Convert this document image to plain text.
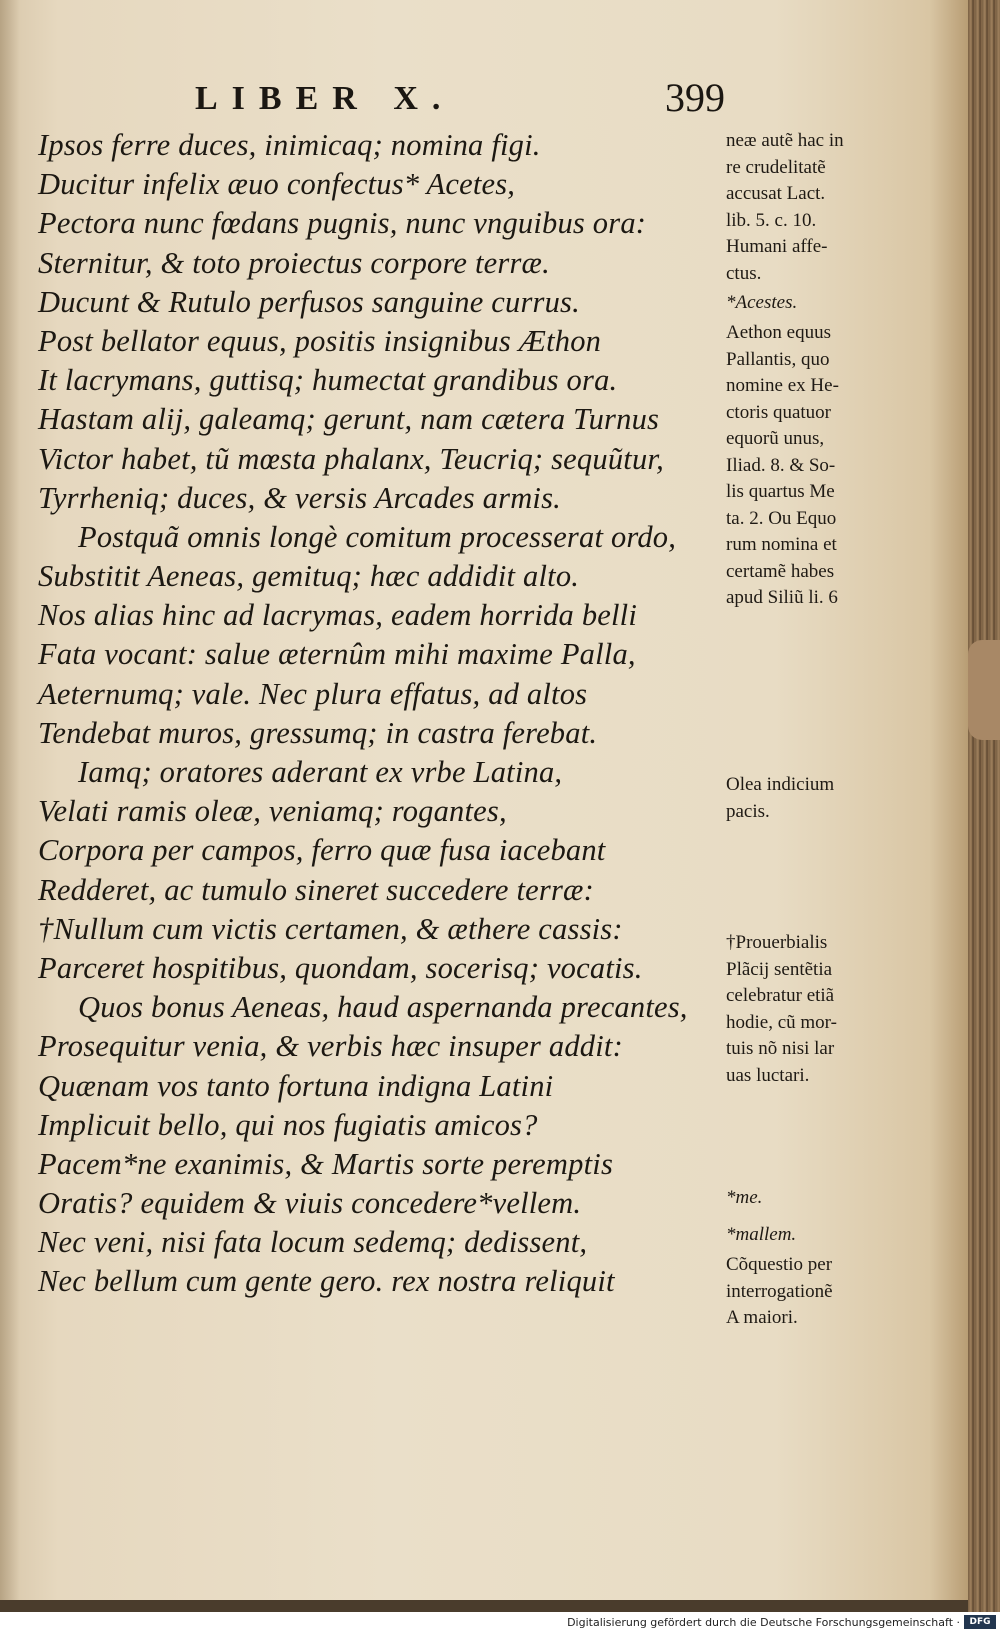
LIBER X.	399
Ipsos ferre duces, inimicaq; nomina figi.
Ducitur infelix æuo confectus* Acetes,
Pectora nunc fœdans pugnis, nunc vnguibus ora:
Sternitur, & toto proiectus corpore terræ.
Ducunt & Rutulo perfusos sanguine currus.
Post bellator equus, positis insignibus Æthon
It lacrymans, guttisq; humectat grandibus ora.
Hastam alij, galeamq; gerunt, nam cætera Turnus
Victor habet, tũ mœsta phalanx, Teucriq; sequũtur,
Tyrrheniq; duces, & versis Arcades armis.
Postquã omnis longè comitum processerat ordo,
Substitit Aeneas, gemituq; hæc addidit alto.
Nos alias hinc ad lacrymas, eadem horrida belli
Fata vocant: salue æternûm mihi maxime Palla,
Aeternumq; vale. Nec plura effatus, ad altos
Tendebat muros, gressumq; in castra ferebat.
Iamq; oratores aderant ex vrbe Latina,
Velati ramis oleæ, veniamq; rogantes,
Corpora per campos, ferro quæ fusa iacebant
Redderet, ac tumulo sineret succedere terræ:
†Nullum cum victis certamen, & æthere cassis:
Parceret hospitibus, quondam, socerisq; vocatis.
Quos bonus Aeneas, haud aspernanda precantes,
Prosequitur venia, & verbis hæc insuper addit:
Quænam vos tanto fortuna indigna Latini
Implicuit bello, qui nos fugiatis amicos?
Pacem*ne exanimis, & Martis sorte peremptis
Oratis? equidem & viuis concedere*vellem.
Nec veni, nisi fata locum sedemq; dedissent,
Nec bellum cum gente gero. rex nostra reliquit
neæ autẽ hac in
re crudelitatẽ
accusat Lact.
lib. 5. c. 10.
Humani affe-
ctus.
*Acestes.
Aethon equus
Pallantis, quo
nomine ex He-
ctoris quatuor
equorũ unus,
Iliad. 8. & So-
lis quartus Me
ta. 2. Ou Equo
rum nomina et
certamẽ habes
apud Siliũ li. 6
Olea indicium
pacis.
†Prouerbialis
Plãcij sentẽtia
celebratur etiã
hodie, cũ mor-
tuis nõ nisi lar
uas luctari.
*me.
*mallem.
Cõquestio per
interrogationẽ
A maiori.
Digitalisierung gefördert durch die Deutsche Forschungsgemeinschaft ·	DFG
